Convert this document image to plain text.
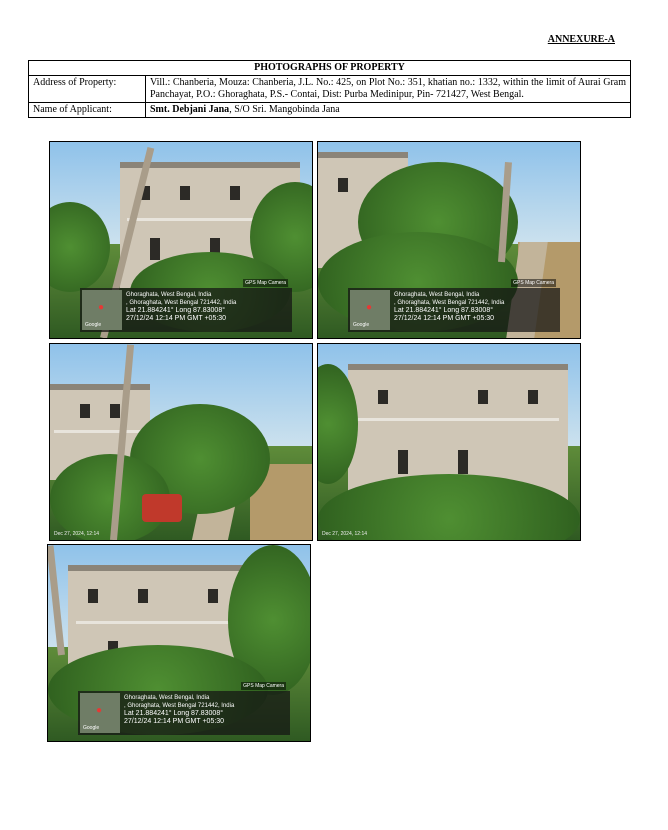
ANNEXURE-A
PHOTOGRAPHS OF PROPERTY	
Address of Property:	Vill.: Chanberia, Mouza: Chanberia, J.L. No.: 425, on Plot No.: 351, khatian no.: 1332, within the limit of Aurai Gram Panchayat, P.O.: Ghoraghata, P.S.- Contai, Dist: Purba Medinipur, Pin- 721427, West Bengal.
Name of Applicant:	Smt. Debjani Jana, S/O Sri. Mangobinda Jana
GPS Map Camera
●
Google
Ghoraghata, West Bengal, India
, Ghoraghata, West Bengal 721442, India
Lat 21.884241° Long 87.83008°
27/12/24 12:14 PM GMT +05:30
GPS Map Camera
●
Google
Ghoraghata, West Bengal, India
, Ghoraghata, West Bengal 721442, India
Lat 21.884241° Long 87.83008°
27/12/24 12:14 PM GMT +05:30
Dec 27, 2024, 12:14	Dec 27, 2024, 12:14
GPS Map Camera
●
Google
Ghoraghata, West Bengal, India
, Ghoraghata, West Bengal 721442, India
Lat 21.884241° Long 87.83008°
27/12/24 12:14 PM GMT +05:30
